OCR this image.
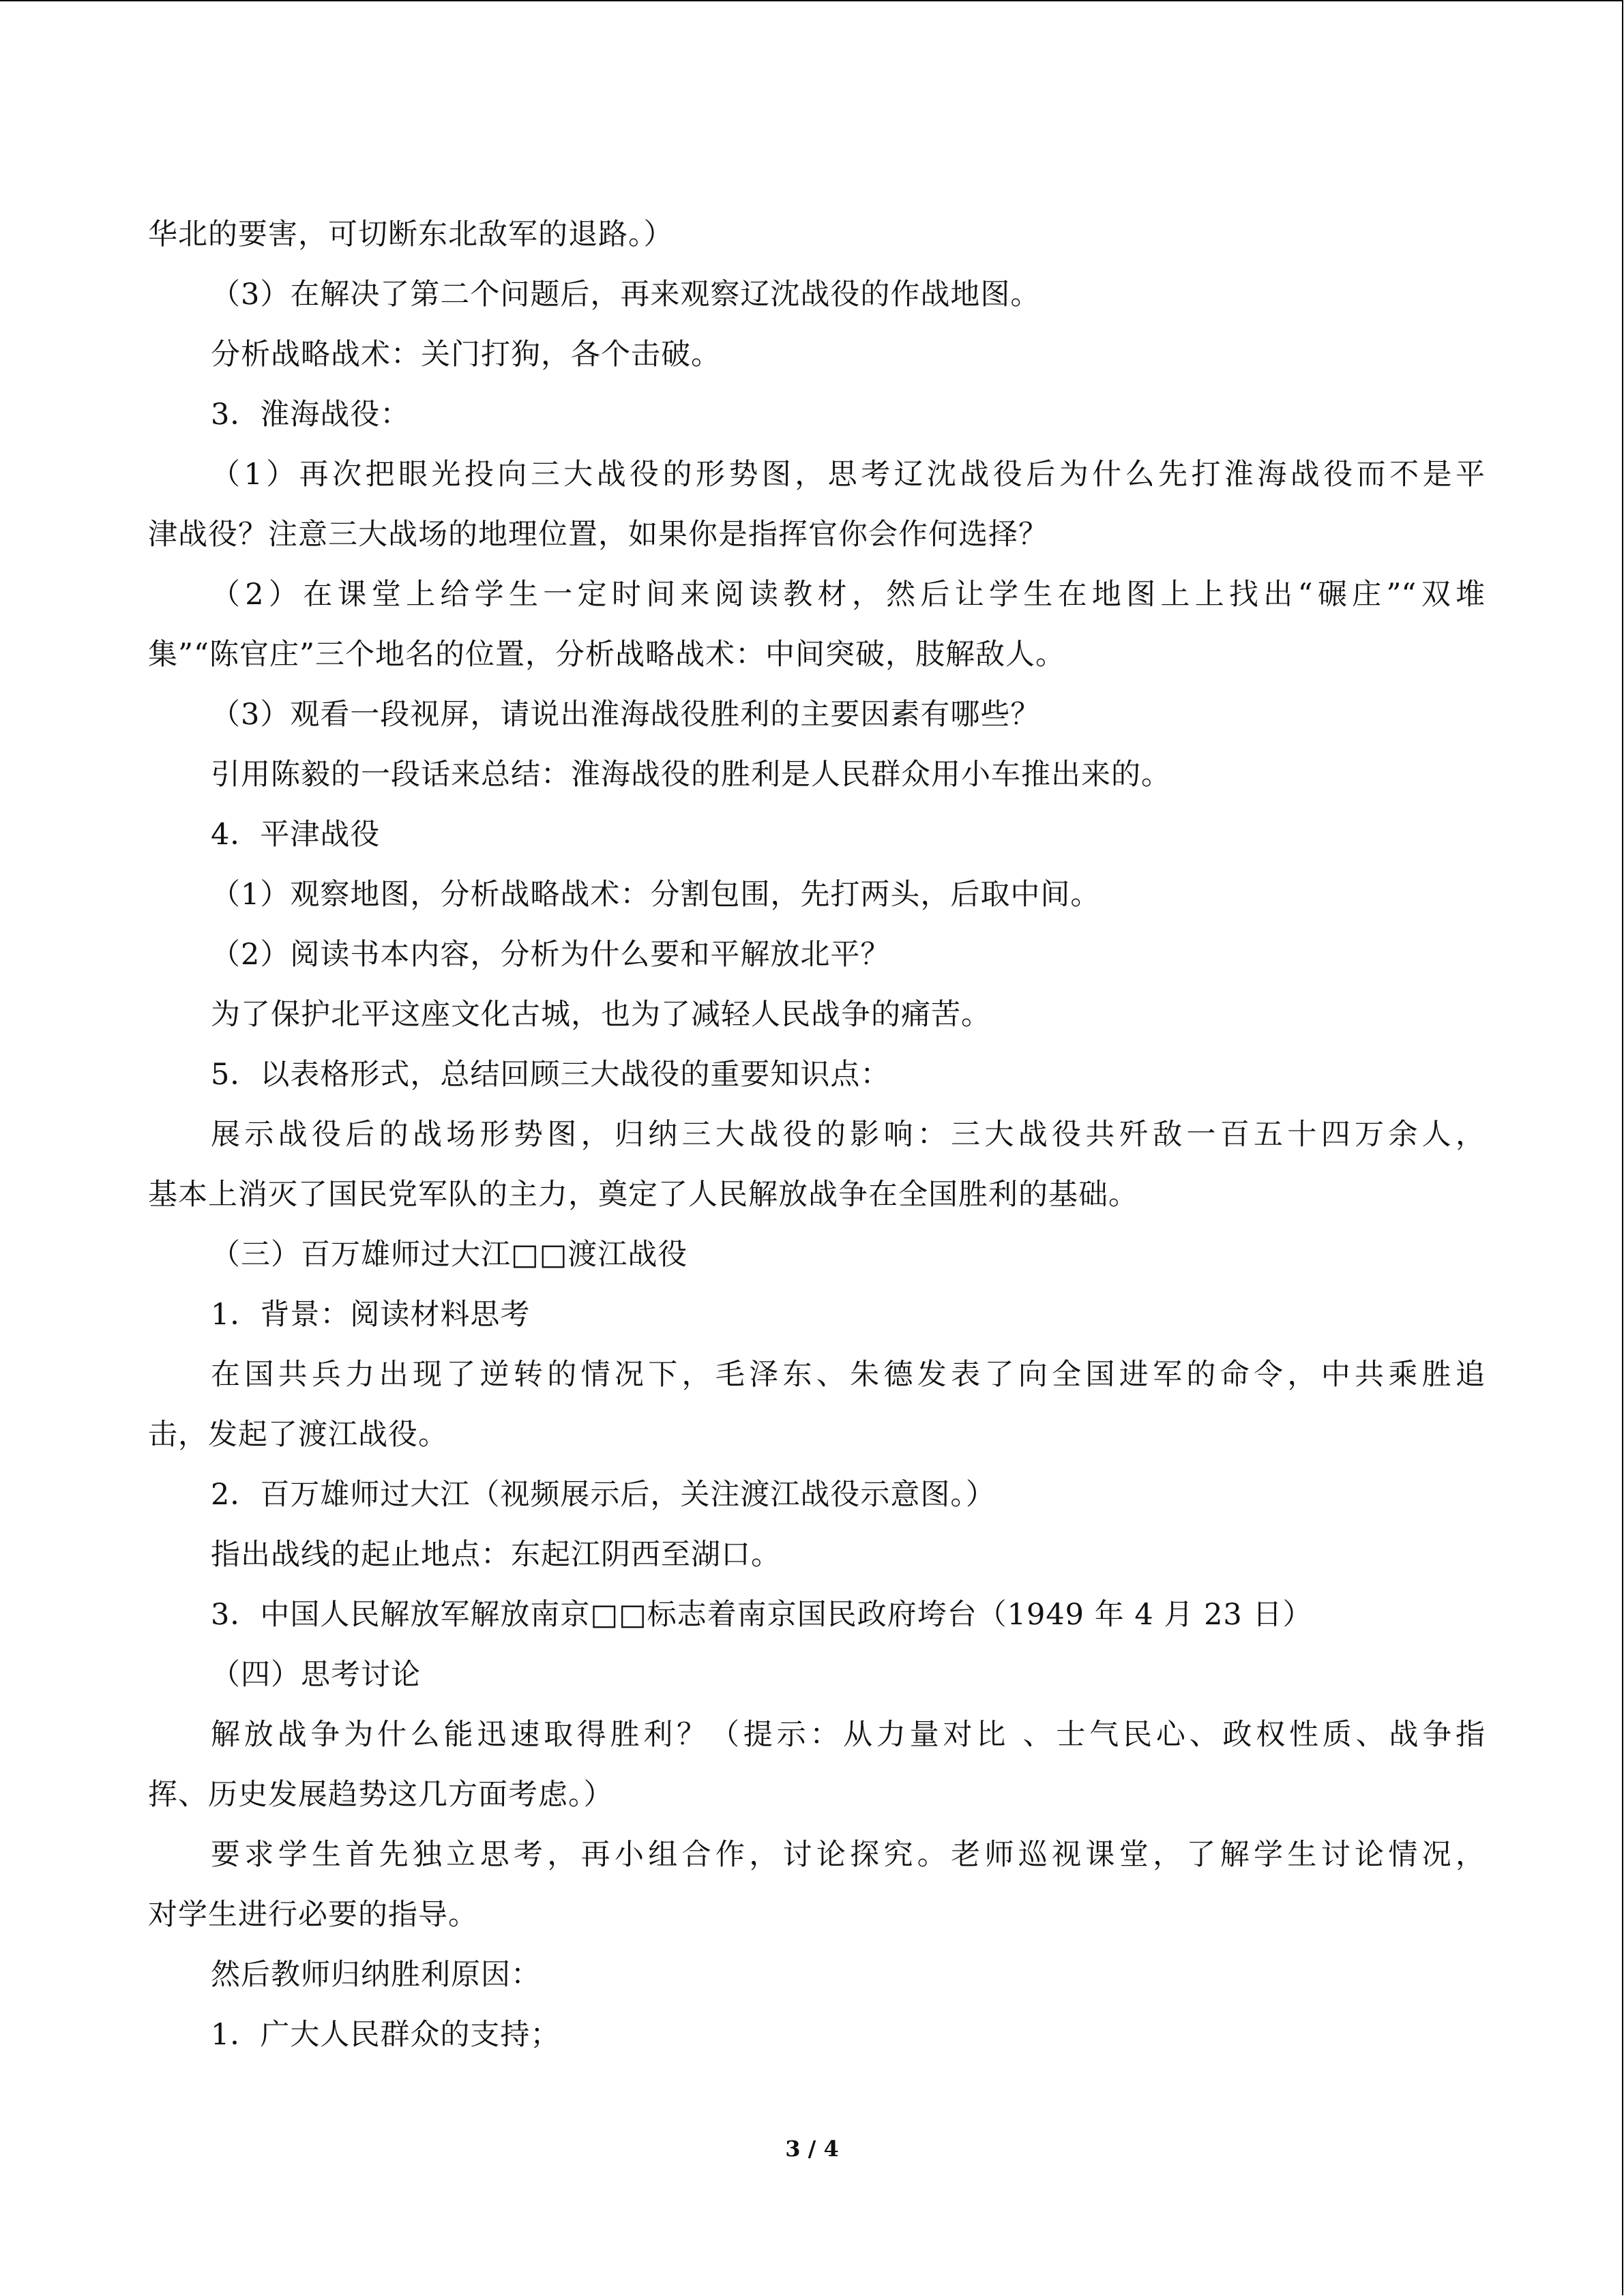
华北的要害，可切断东北敌军的退路。）
（3）在解决了第二个问题后，再来观察辽沈战役的作战地图。
分析战略战术：关门打狗，各个击破。
3．淮海战役：
（1）再次把眼光投向三大战役的形势图，思考辽沈战役后为什么先打淮海战役而不是平
津战役？注意三大战场的地理位置，如果你是指挥官你会作何选择？
（2）在课堂上给学生一定时间来阅读教材，然后让学生在地图上上找出“碾庄”“双堆
集”“陈官庄”三个地名的位置，分析战略战术：中间突破，肢解敌人。
（3）观看一段视屏，请说出淮海战役胜利的主要因素有哪些？
引用陈毅的一段话来总结：淮海战役的胜利是人民群众用小车推出来的。
4．平津战役
（1）观察地图，分析战略战术：分割包围，先打两头，后取中间。
（2）阅读书本内容，分析为什么要和平解放北平？
为了保护北平这座文化古城，也为了减轻人民战争的痛苦。
5．以表格形式，总结回顾三大战役的重要知识点：
展示战役后的战场形势图，归纳三大战役的影响：三大战役共歼敌一百五十四万余人，
基本上消灭了国民党军队的主力，奠定了人民解放战争在全国胜利的基础。
（三）百万雄师过大江□□渡江战役
1．背景：阅读材料思考
在国共兵力出现了逆转的情况下，毛泽东、朱德发表了向全国进军的命令，中共乘胜追
击，发起了渡江战役。
2．百万雄师过大江（视频展示后，关注渡江战役示意图。）
指出战线的起止地点：东起江阴西至湖口。
3．中国人民解放军解放南京□□标志着南京国民政府垮台（1949 年 4 月 23 日）
（四）思考讨论
解放战争为什么能迅速取得胜利？（提示：从力量对比 、士气民心、政权性质、战争指
挥、历史发展趋势这几方面考虑。）
要求学生首先独立思考，再小组合作，讨论探究。老师巡视课堂，了解学生讨论情况，
对学生进行必要的指导。
然后教师归纳胜利原因：
1．广大人民群众的支持；
3 / 4
